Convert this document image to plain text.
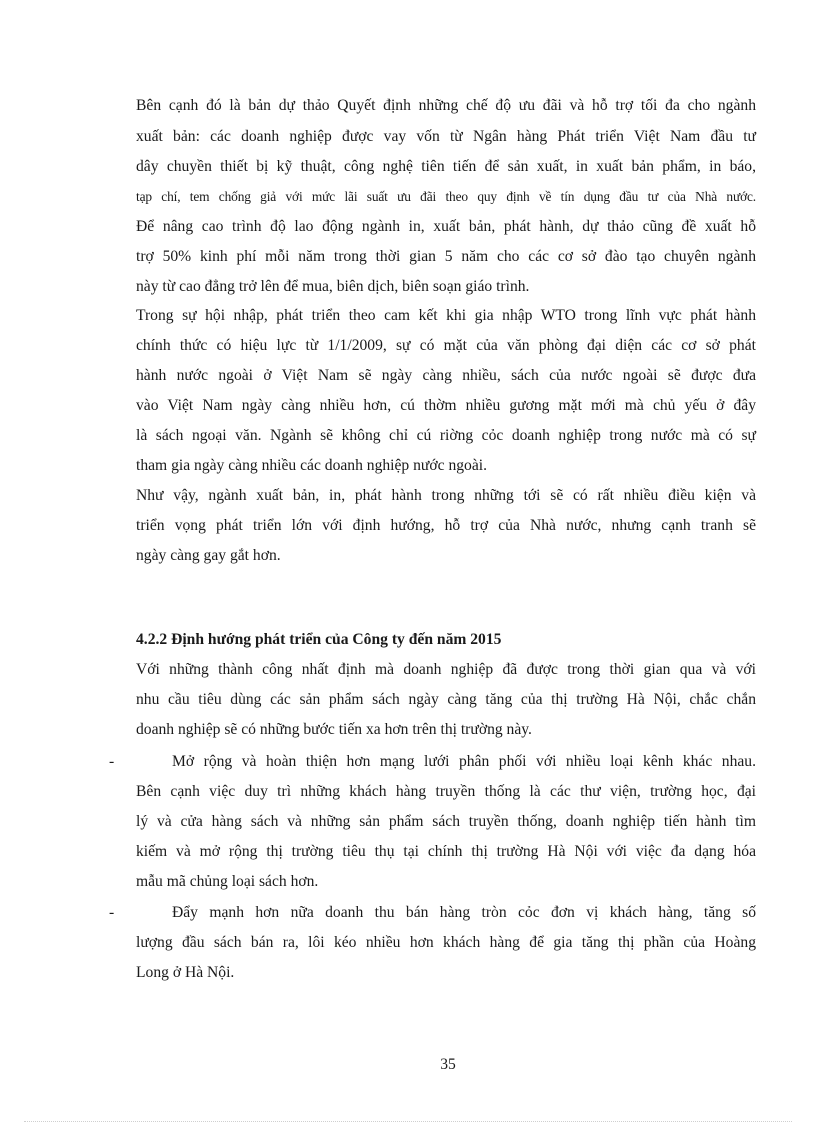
Bên cạnh đó là bản dự thảo Quyết định những chế độ ưu đãi và hỗ trợ tối đa cho ngành
xuất bản: các doanh nghiệp được vay vốn từ Ngân hàng Phát triển Việt Nam đầu tư
dây chuyền thiết bị kỹ thuật, công nghệ tiên tiến để sản xuất, in xuất bản phẩm, in báo,
tạp chí, tem chống giả với mức lãi suất ưu đãi theo quy định về tín dụng đầu tư của Nhà nước.
Để nâng cao trình độ lao động ngành in, xuất bản, phát hành, dự thảo cũng đề xuất hỗ
trợ 50% kinh phí mỗi năm trong thời gian 5 năm cho các cơ sở đào tạo chuyên ngành
này từ cao đẳng trở lên để mua, biên dịch, biên soạn giáo trình.
Trong sự hội nhập, phát triển theo cam kết khi gia nhập WTO trong lĩnh vực phát hành
chính thức có hiệu lực từ 1/1/2009, sự có mặt của văn phòng đại diện các cơ sở phát
hành nước ngoài ở Việt Nam sẽ ngày càng nhiều, sách của nước ngoài sẽ được đưa
vào Việt Nam ngày càng nhiều hơn, cú thờm nhiều gương mặt mới mà chủ yếu ở đây
là sách ngoại văn. Ngành sẽ không chỉ cú riờng cỏc doanh nghiệp trong nước mà có sự
tham gia ngày càng nhiều các doanh nghiệp nước ngoài.
Như vậy, ngành xuất bản, in, phát hành trong những tới sẽ có rất nhiều điều kiện và
triển vọng phát triển lớn với định hướng, hỗ trợ của Nhà nước, nhưng cạnh tranh sẽ
ngày càng gay gắt hơn.
4.2.2 Định hướng phát triển của Công ty đến năm 2015
Với những thành công nhất định mà doanh nghiệp đã được trong thời gian qua và với
nhu cầu tiêu dùng các sản phẩm sách ngày càng tăng của thị trường Hà Nội, chắc chắn
doanh nghiệp sẽ có những bước tiến xa hơn trên thị trường này.
-	Mở rộng và hoàn thiện hơn mạng lưới phân phối với nhiều loại kênh khác nhau.
Bên cạnh việc duy trì những khách hàng truyền thống là các thư viện, trường học, đại
lý và cửa hàng sách và những sản phẩm sách truyền thống, doanh nghiệp tiến hành tìm
kiếm và mở rộng thị trường tiêu thụ tại chính thị trường Hà Nội với việc đa dạng hóa
mẫu mã chủng loại sách hơn.
-	Đẩy mạnh hơn nữa doanh thu bán hàng tròn cỏc đơn vị khách hàng, tăng số
lượng đầu sách bán ra, lôi kéo nhiều hơn khách hàng để gia tăng thị phần của Hoàng
Long ở Hà Nội.
35
